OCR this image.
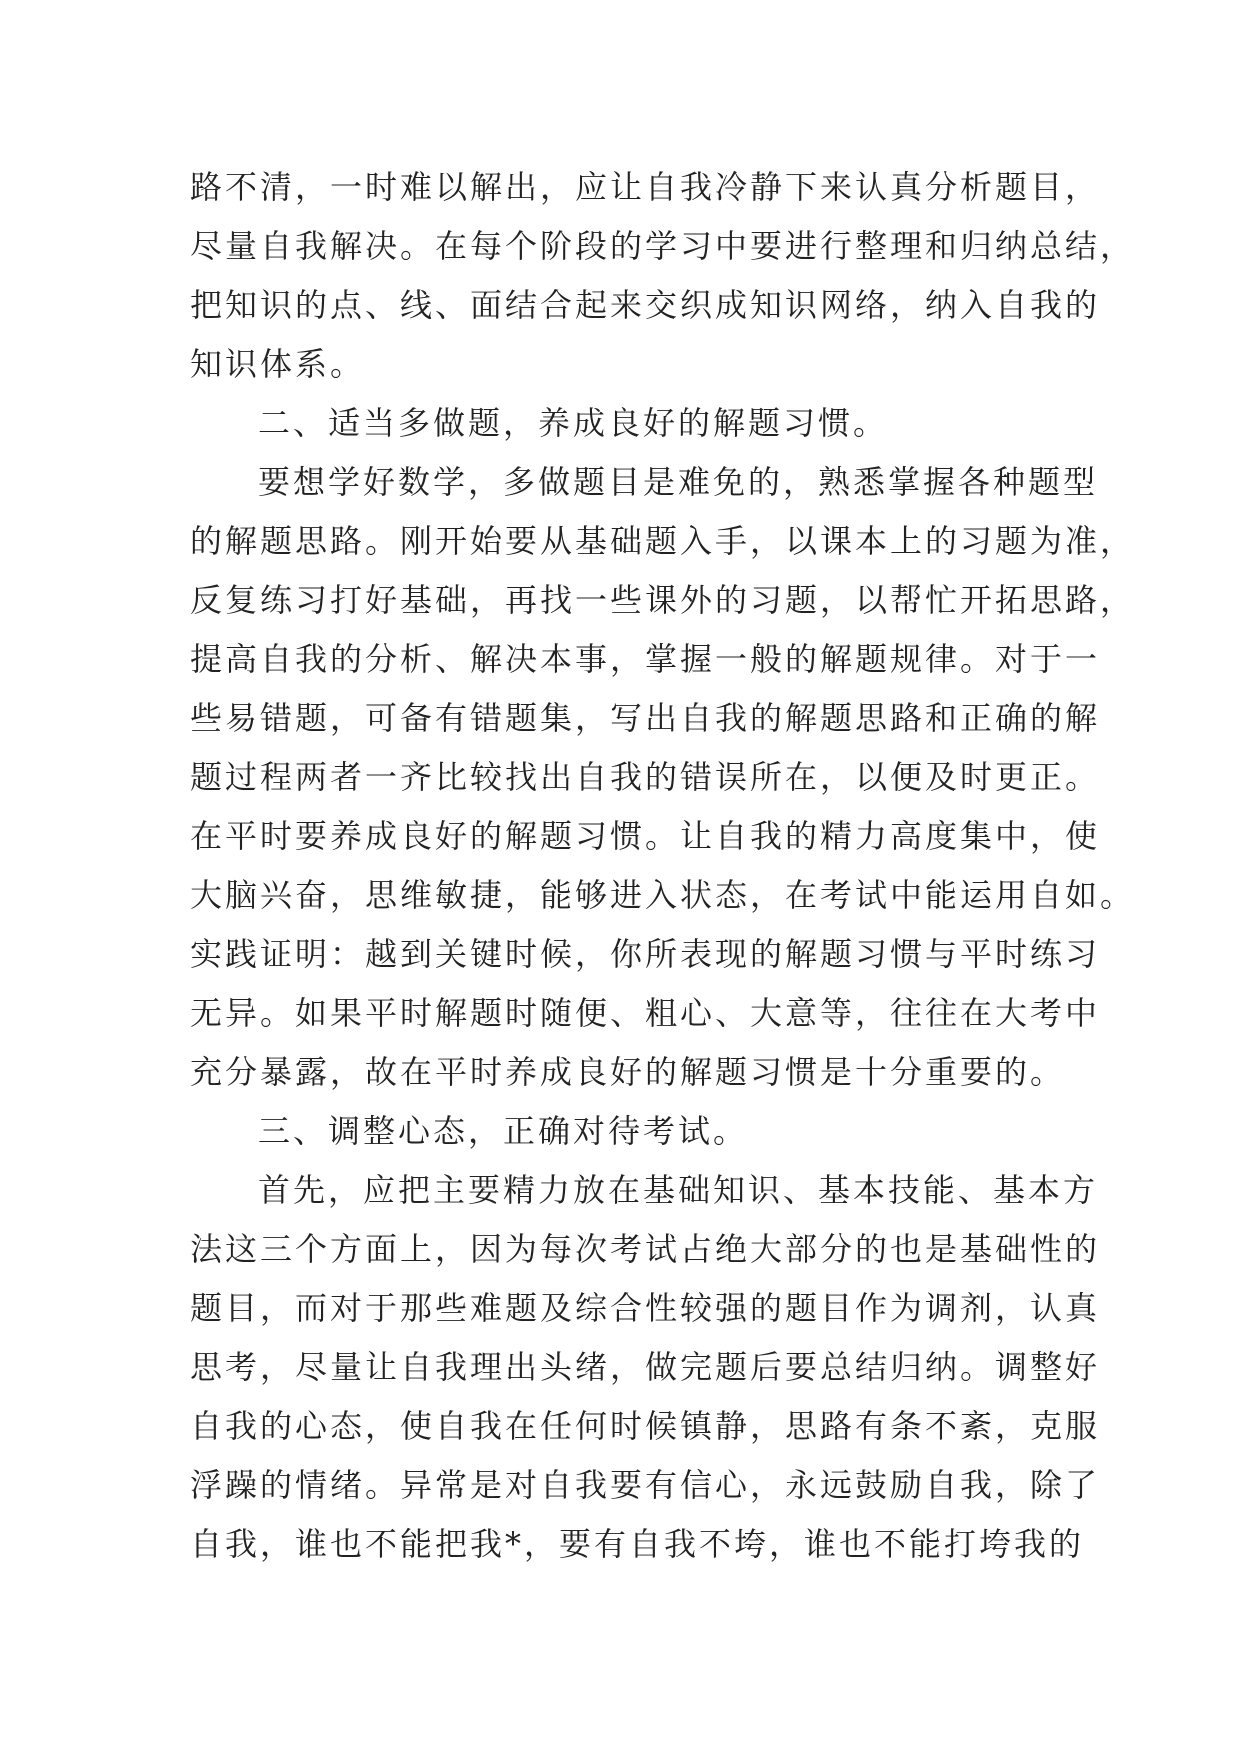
路不清，一时难以解出，应让自我冷静下来认真分析题目，
尽量自我解决。在每个阶段的学习中要进行整理和归纳总结，
把知识的点、线、面结合起来交织成知识网络，纳入自我的
知识体系。
二、适当多做题，养成良好的解题习惯。
要想学好数学，多做题目是难免的，熟悉掌握各种题型
的解题思路。刚开始要从基础题入手，以课本上的习题为准，
反复练习打好基础，再找一些课外的习题，以帮忙开拓思路，
提高自我的分析、解决本事，掌握一般的解题规律。对于一
些易错题，可备有错题集，写出自我的解题思路和正确的解
题过程两者一齐比较找出自我的错误所在，以便及时更正。
在平时要养成良好的解题习惯。让自我的精力高度集中，使
大脑兴奋，思维敏捷，能够进入状态，在考试中能运用自如。
实践证明：越到关键时候，你所表现的解题习惯与平时练习
无异。如果平时解题时随便、粗心、大意等，往往在大考中
充分暴露，故在平时养成良好的解题习惯是十分重要的。
三、调整心态，正确对待考试。
首先，应把主要精力放在基础知识、基本技能、基本方
法这三个方面上，因为每次考试占绝大部分的也是基础性的
题目，而对于那些难题及综合性较强的题目作为调剂，认真
思考，尽量让自我理出头绪，做完题后要总结归纳。调整好
自我的心态，使自我在任何时候镇静，思路有条不紊，克服
浮躁的情绪。异常是对自我要有信心，永远鼓励自我，除了
自我，谁也不能把我*，要有自我不垮，谁也不能打垮我的
